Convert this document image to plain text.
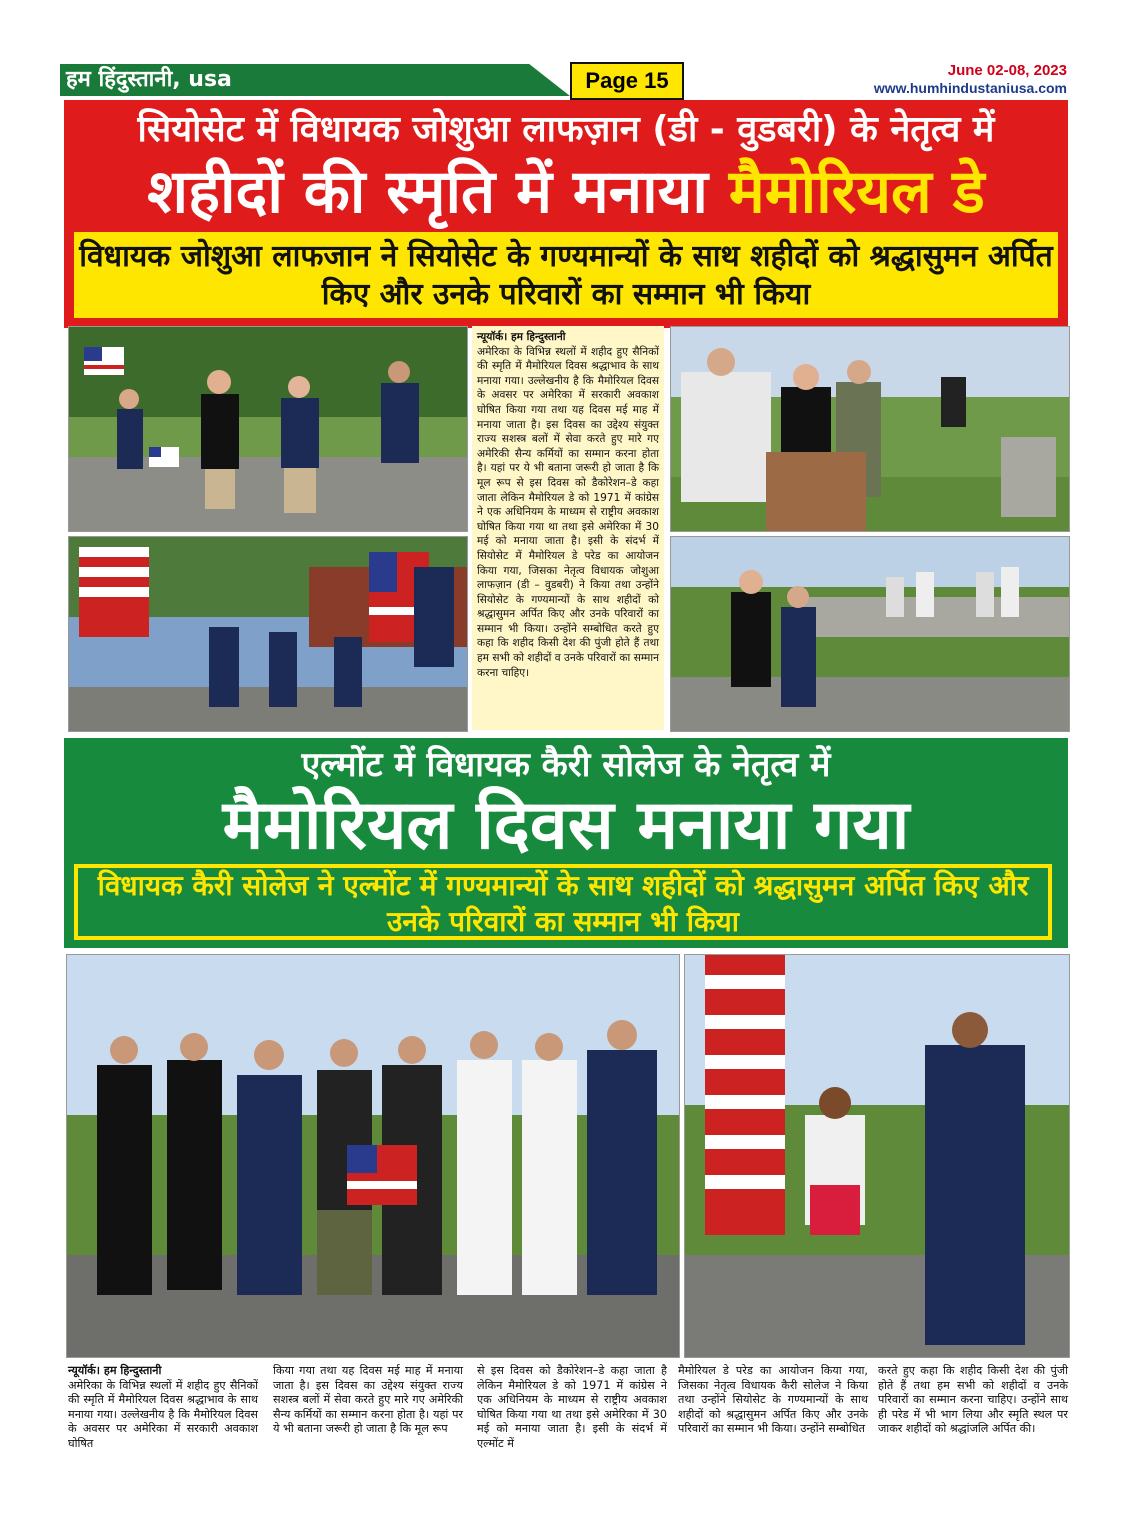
हम हिंदुस्तानी, usa	Page 15	June 02-08, 2023
www.humhindustaniusa.com
सियोसेट में विधायक जोशुआ लाफज़ान (डी - वुडबरी) के नेतृत्व में
शहीदों की स्मृति में मनाया मैमोरियल डे
विधायक जोशुआ लाफजान ने सियोसेट के गण्यमान्यों के साथ शहीदों को श्रद्धासुमन अर्पित किए और उनके परिवारों का सम्मान भी किया
न्यूयॉर्क। हम हिन्दुस्तानी
अमेरिका के विभिन्न स्थलों में शहीद हुए सैनिकों की स्मृति में मैमोरियल दिवस श्रद्धाभाव के साथ मनाया गया। उल्लेखनीय है कि मैमोरियल दिवस के अवसर पर अमेरिका में सरकारी अवकाश घोषित किया गया तथा यह दिवस मई माह में मनाया जाता है। इस दिवस का उद्देश्य संयुक्त राज्य सशस्त्र बलों में सेवा करते हुए मारे गए अमेरिकी सैन्य कर्मियों का सम्मान करना होता है। यहां पर ये भी बताना जरूरी हो जाता है कि मूल रूप से इस दिवस को डैकोरेशन–डे कहा जाता लेकिन मैमोरियल डे को 1971 में कांग्रेस ने एक अधिनियम के माध्यम से राष्ट्रीय अवकाश घोषित किया गया था तथा इसे अमेरिका में 30 मई को मनाया जाता है। इसी के संदर्भ में सियोसेट में मैमोरियल डे परेड का आयोजन किया गया, जिसका नेतृत्व विधायक जोशुआ लाफज़ान (डी – वुडबरी) ने किया तथा उन्होंने सियोसेट के गण्यमान्यों के साथ शहीदों को श्रद्धासुमन अर्पित किए और उनके परिवारों का सम्मान भी किया। उन्होंने सम्बोधित करते हुए कहा कि शहीद किसी देश की पुंजी होते हैं तथा हम सभी को शहीदों व उनके परिवारों का सम्मान करना चाहिए।
एल्मोंट में विधायक कैरी सोलेज के नेतृत्व में
मैमोरियल दिवस मनाया गया
विधायक कैरी सोलेज ने एल्मोंट में गण्यमान्यों के साथ शहीदों को श्रद्धासुमन अर्पित किए और उनके परिवारों का सम्मान भी किया
न्यूयॉर्क। हम हिन्दुस्तानी
अमेरिका के विभिन्न स्थलों में शहीद हुए सैनिकों की स्मृति में मैमोरियल दिवस श्रद्धाभाव के साथ मनाया गया। उल्लेखनीय है कि मैमोरियल दिवस के अवसर पर अमेरिका में सरकारी अवकाश घोषित
किया गया तथा यह दिवस मई माह में मनाया जाता है। इस दिवस का उद्देश्य संयुक्त राज्य सशस्त्र बलों में सेवा करते हुए मारे गए अमेरिकी सैन्य कर्मियों का सम्मान करना होता है। यहां पर ये भी बताना जरूरी हो जाता है कि मूल रूप
से इस दिवस को डैकोरेशन–डे कहा जाता है लेकिन मैमोरियल डे को 1971 में कांग्रेस ने एक अधिनियम के माध्यम से राष्ट्रीय अवकाश घोषित किया गया था तथा इसे अमेरिका में 30 मई को मनाया जाता है। इसी के संदर्भ में एल्मोंट में
मैमोरियल डे परेड का आयोजन किया गया, जिसका नेतृत्व विधायक कैरी सोलेज ने किया तथा उन्होंने सियोसेट के गण्यमान्यों के साथ शहीदों को श्रद्धासुमन अर्पित किए और उनके परिवारों का सम्मान भी किया। उन्होंने सम्बोधित
करते हुए कहा कि शहीद किसी देश की पुंजी होते हैं तथा हम सभी को शहीदों व उनके परिवारों का सम्मान करना चाहिए। उन्होंने साथ ही परेड में भी भाग लिया और स्मृति स्थल पर जाकर शहीदों को श्रद्धांजलि अर्पित की।
